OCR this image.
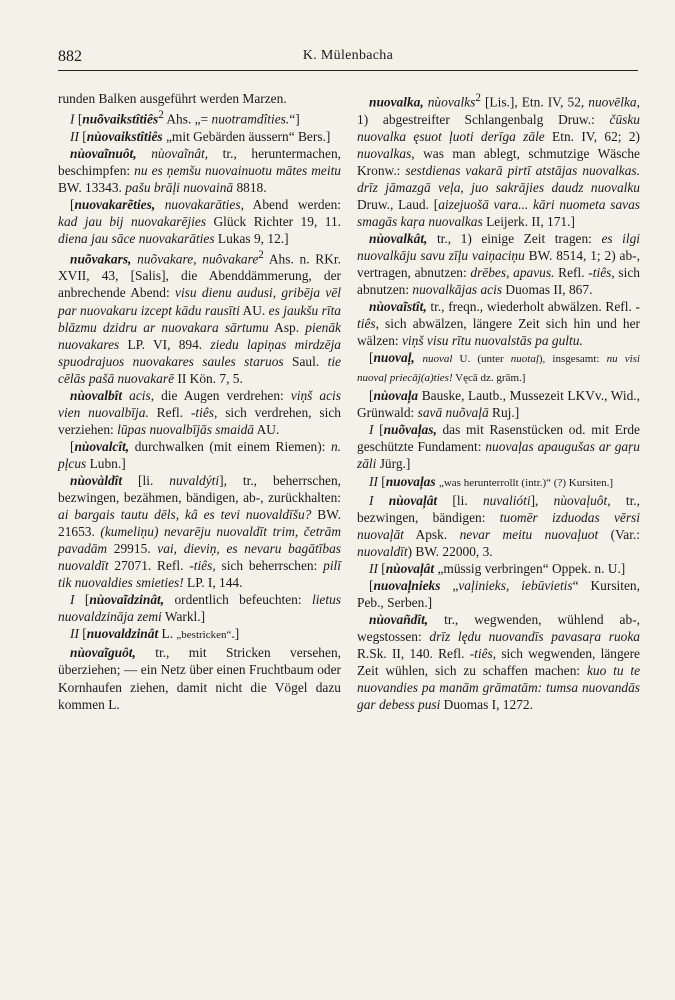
882	K. Mülenbacha

runden Balken ausgeführt werden Marzen.

I [nuõvaikstîtiês$^2$ Ahs. „= nuotramdîties.“]

II [nùovaikstîtiês „mit Gebärden äussern“ Bers.]

nùovaĩnuôt, nùovaĩnât, tr., heruntermachen, beschimpfen: nu es ņemšu nuovainuotu mātes meitu BW. 13343. pašu brāļi nuovainā 8818.

[nuovakarẽties, nuovakarāties, Abend werden: kad jau bij nuovakarējies Glück Richter 19, 11. diena jau sāce nuovakarāties Lukas 9, 12.]

nuõvakars, nuõvakare, nuôvakare$^2$ Ahs. n. RKr. XVII, 43, [Salis], die Abenddämmerung, der anbrechende Abend: visu dienu audusi, gribēja vēl par nuovakaru izcept kādu rausīti AU. es jaukšu rīta blāzmu dzidru ar nuovakara sārtumu Asp. pienāk nuovakares LP. VI, 894. ziedu lapiņas mirdzēja spuodrajuos nuovakares saules staruos Saul. tie cēlās pašā nuovakarē II Kön. 7, 5.

nùovalbît acis, die Augen verdrehen: viņš acis vien nuovalbīja. Refl. -tiês, sich verdrehen, sich verziehen: lūpas nuovalbījās smaidā AU.

[nùovalcît, durchwalken (mit einem Riemen): n. pļcus Lubn.]

nùovàldît [li. nuvaldýti], tr., beherrschen, bezwingen, bezähmen, bändigen, ab-, zurückhalten: ai bargais tautu dēls, kâ es tevi nuovaldīšu? BW. 21653. (kumeliņu) nevarēju nuovaldīt trim, četrām pavadām 29915. vai, dieviņ, es nevaru bagātības nuovaldīt 27071. Refl. -tiês, sich beherrschen: pilī tik nuovaldies smieties! LP. I, 144.

I [nùovaĩdzinât, ordentlich befeuchten: lietus nuovaldzināja zemi Warkl.]

II [nuovaldzinât L. „bestricken“.]

nùovaĩguôt, tr., mit Stricken versehen, überziehen; — ein Netz über einen Fruchtbaum oder Kornhaufen ziehen, damit nicht die Vögel dazu kommen L.

nuovalka, nùovalks$^2$ [Lis.], Etn. IV, 52, nuovēlka, 1) abgestreifter Schlangenbalg Druw.: čūsku nuovalka ęsuot ļuoti derīga zāle Etn. IV, 62; 2) nuovalkas, was man ablegt, schmutzige Wäsche Kronw.: sestdienas vakarā pirtī atstājas nuovalkas. drīz jāmazgā veļa, juo sakrājies daudz nuovalku Druw., Laud. [aizejuošā vara... kāri nuometa savas smagās kaŗa nuovalkas Leijerk. II, 171.]

nùovalkât, tr., 1) einige Zeit tragen: es ilgi nuovalkāju savu zīļu vaiņaciņu BW. 8514, 1; 2) ab-, vertragen, abnutzen: drēbes, apavus. Refl. -tiês, sich abnutzen: nuovalkājas acis Duomas II, 867.

nùovaĩstît, tr., freqn., wiederholt abwälzen. Refl. -tiês, sich abwälzen, längere Zeit sich hin und her wälzen: viņš visu rītu nuovalstās pa gultu.

[nuovaļ, nuoval U. (unter nuotaļ), insgesamt: nu visi nuovaļ priecāj(a)ties! Vęcā dz. grām.]

[nùovaļa Bauske, Lautb., Mussezeit LKVv., Wid., Grünwald: savā nuõvaļā Ruj.]

I [nuõvaļas, das mit Rasenstücken od. mit Erde geschützte Fundament: nuovaļas apaugušas ar gaŗu zāli Jürg.]

II [nuovaļas „was herunterrollt (intr.)“ (?) Kursiten.]

I nùovaļât [li. nuvalióti], nùovaļuôt, tr., bezwingen, bändigen: tuomēr izduodas vērsi nuovaļāt Apsk. nevar meitu nuovaļuot (Var.: nuovaldīt) BW. 22000, 3.

II [nùovaļât „müssig verbringen“ Oppek. n. U.]

[nuovaļnieks „vaļinieks, iebūvietis“ Kursiten, Peb., Serben.]

nùovañdît, tr., wegwenden, wühlend ab-, wegstossen: drīz lędu nuovandīs pavasaŗa ruoka R.Sk. II, 140. Refl. -tiês, sich wegwenden, längere Zeit wühlen, sich zu schaffen machen: kuo tu te nuovandies pa manām grāmatām: tumsa nuovandās gar debess pusi Duomas I, 1272.
